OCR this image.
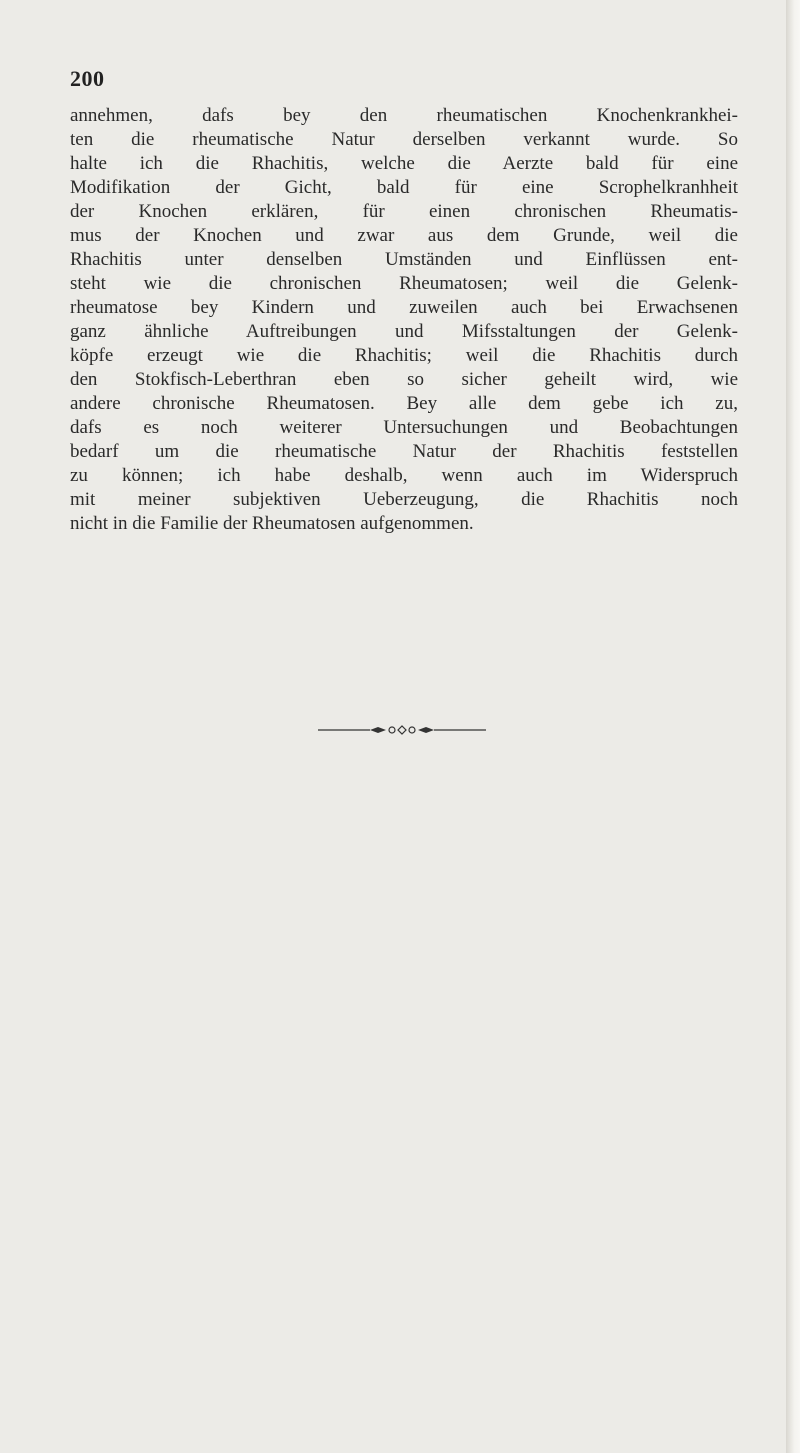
200
annehmen, dafs bey den rheumatischen Knochenkrankhei-
ten die rheumatische Natur derselben verkannt wurde. So
halte ich die Rhachitis, welche die Aerzte bald für eine
Modifikation der Gicht, bald für eine Scrophelkranhheit
der Knochen erklären, für einen chronischen Rheumatis-
mus der Knochen und zwar aus dem Grunde, weil die
Rhachitis unter denselben Umständen und Einflüssen ent-
steht wie die chronischen Rheumatosen; weil die Gelenk-
rheumatose bey Kindern und zuweilen auch bei Erwachsenen
ganz ähnliche Auftreibungen und Mifsstaltungen der Gelenk-
köpfe erzeugt wie die Rhachitis; weil die Rhachitis durch
den Stokfisch-Leberthran eben so sicher geheilt wird, wie
andere chronische Rheumatosen. Bey alle dem gebe ich zu,
dafs es noch weiterer Untersuchungen und Beobachtungen
bedarf um die rheumatische Natur der Rhachitis feststellen
zu können; ich habe deshalb, wenn auch im Widerspruch
mit meiner subjektiven Ueberzeugung, die Rhachitis noch
nicht in die Familie der Rheumatosen aufgenommen.
